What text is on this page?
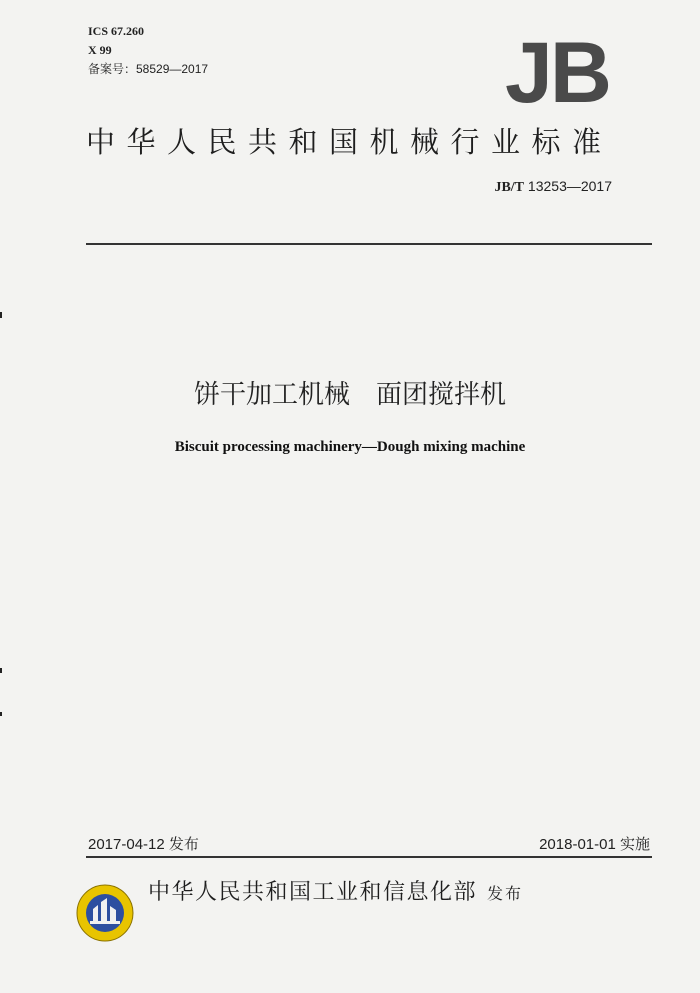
ICS 67.260
X 99
备案号：58529—2017	JB
中华人民共和国机械行业标准
JB/T 13253—2017
饼干加工机械　面团搅拌机
Biscuit processing machinery—Dough mixing machine
2017-04-12 发布	2018-01-01 实施
中华人民共和国工业和信息化部 发布
